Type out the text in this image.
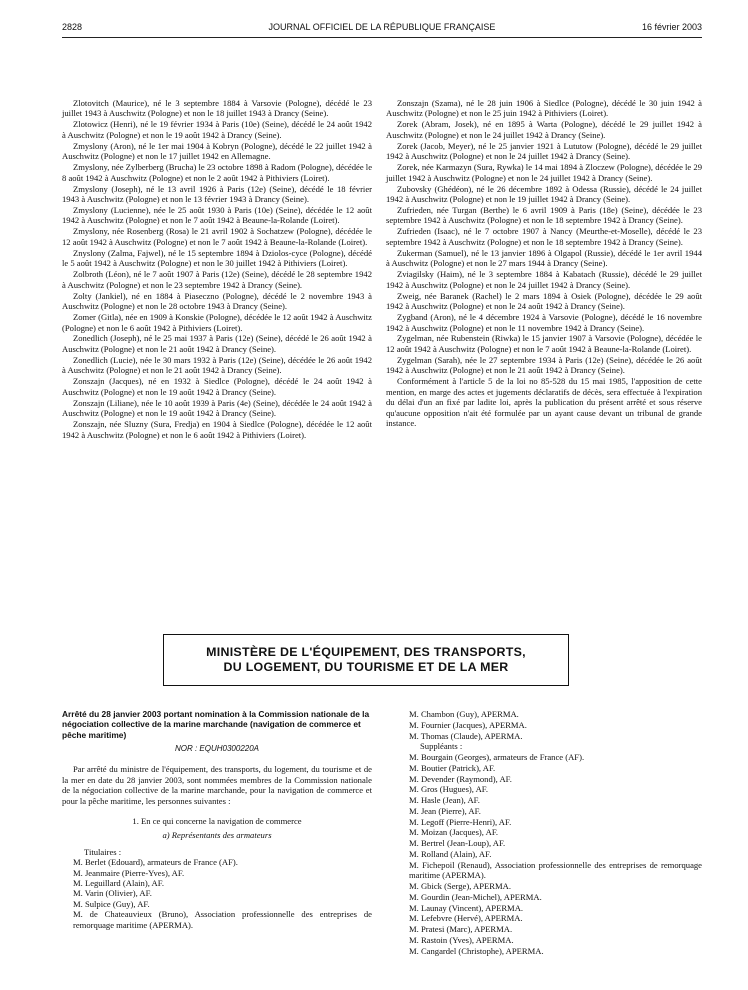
2828	JOURNAL OFFICIEL DE LA RÉPUBLIQUE FRANÇAISE	16 février 2003

Zlotovitch (Maurice), né le 3 septembre 1884 à Varsovie (Pologne), décédé le 23 juillet 1943 à Auschwitz (Pologne) et non le 18 juillet 1943 à Drancy (Seine).

Zlotowicz (Henri), né le 19 février 1934 à Paris (10e) (Seine), décédé le 24 août 1942 à Auschwitz (Pologne) et non le 19 août 1942 à Drancy (Seine).

Zmyslony (Aron), né le 1er mai 1904 à Kobryn (Pologne), décédé le 22 juillet 1942 à Auschwitz (Pologne) et non le 17 juillet 1942 en Allemagne.

Zmyslony, née Zylberberg (Brucha) le 23 octobre 1898 à Radom (Pologne), décédée le 8 août 1942 à Auschwitz (Pologne) et non le 2 août 1942 à Pithiviers (Loiret).

Zmyslony (Joseph), né le 13 avril 1926 à Paris (12e) (Seine), décédé le 18 février 1943 à Auschwitz (Pologne) et non le 13 février 1943 à Drancy (Seine).

Zmyslony (Lucienne), née le 25 août 1930 à Paris (10e) (Seine), décédée le 12 août 1942 à Auschwitz (Pologne) et non le 7 août 1942 à Beaune-la-Rolande (Loiret).

Zmyslony, née Rosenberg (Rosa) le 21 avril 1902 à Sochatzew (Pologne), décédée le 12 août 1942 à Auschwitz (Pologne) et non le 7 août 1942 à Beaune-la-Rolande (Loiret).

Znyslony (Zalma, Fajwel), né le 15 septembre 1894 à Dziolos-cyce (Pologne), décédé le 5 août 1942 à Auschwitz (Pologne) et non le 30 juillet 1942 à Pithiviers (Loiret).

Zolbroth (Léon), né le 7 août 1907 à Paris (12e) (Seine), décédé le 28 septembre 1942 à Auschwitz (Pologne) et non le 23 septembre 1942 à Drancy (Seine).

Zolty (Jankiel), né en 1884 à Piaseczno (Pologne), décédé le 2 novembre 1943 à Auschwitz (Pologne) et non le 28 octobre 1943 à Drancy (Seine).

Zomer (Gitla), née en 1909 à Konskie (Pologne), décédée le 12 août 1942 à Auschwitz (Pologne) et non le 6 août 1942 à Pithiviers (Loiret).

Zonedlich (Joseph), né le 25 mai 1937 à Paris (12e) (Seine), décédé le 26 août 1942 à Auschwitz (Pologne) et non le 21 août 1942 à Drancy (Seine).

Zonedlich (Lucie), née le 30 mars 1932 à Paris (12e) (Seine), décédée le 26 août 1942 à Auschwitz (Pologne) et non le 21 août 1942 à Drancy (Seine).

Zonszajn (Jacques), né en 1932 à Siedlce (Pologne), décédé le 24 août 1942 à Auschwitz (Pologne) et non le 19 août 1942 à Drancy (Seine).

Zonszajn (Liliane), née le 10 août 1939 à Paris (4e) (Seine), décédée le 24 août 1942 à Auschwitz (Pologne) et non le 19 août 1942 à Drancy (Seine).

Zonszajn, née Sluzny (Sura, Fredja) en 1904 à Siedlce (Pologne), décédée le 12 août 1942 à Auschwitz (Pologne) et non le 6 août 1942 à Pithiviers (Loiret).

Zonszajn (Szama), né le 28 juin 1906 à Siedlce (Pologne), décédé le 30 juin 1942 à Auschwitz (Pologne) et non le 25 juin 1942 à Pithiviers (Loiret).

Zorek (Abram, Josek), né en 1895 à Warta (Pologne), décédé le 29 juillet 1942 à Auschwitz (Pologne) et non le 24 juillet 1942 à Drancy (Seine).

Zorek (Jacob, Meyer), né le 25 janvier 1921 à Lututow (Pologne), décédé le 29 juillet 1942 à Auschwitz (Pologne) et non le 24 juillet 1942 à Drancy (Seine).

Zorek, née Karmazyn (Sura, Rywka) le 14 mai 1894 à Zloczew (Pologne), décédée le 29 juillet 1942 à Auschwitz (Pologne) et non le 24 juillet 1942 à Drancy (Seine).

Zubovsky (Ghédéon), né le 26 décembre 1892 à Odessa (Russie), décédé le 24 juillet 1942 à Auschwitz (Pologne) et non le 19 juillet 1942 à Drancy (Seine).

Zufrieden, née Turgan (Berthe) le 6 avril 1909 à Paris (18e) (Seine), décédée le 23 septembre 1942 à Auschwitz (Pologne) et non le 18 septembre 1942 à Drancy (Seine).

Zufrieden (Isaac), né le 7 octobre 1907 à Nancy (Meurthe-et-Moselle), décédé le 23 septembre 1942 à Auschwitz (Pologne) et non le 18 septembre 1942 à Drancy (Seine).

Zukerman (Samuel), né le 13 janvier 1896 à Olgapol (Russie), décédé le 1er avril 1944 à Auschwitz (Pologne) et non le 27 mars 1944 à Drancy (Seine).

Zviagilsky (Haim), né le 3 septembre 1884 à Kabatach (Russie), décédé le 29 juillet 1942 à Auschwitz (Pologne) et non le 24 juillet 1942 à Drancy (Seine).

Zweig, née Baranek (Rachel) le 2 mars 1894 à Osiek (Pologne), décédée le 29 août 1942 à Auschwitz (Pologne) et non le 24 août 1942 à Drancy (Seine).

Zygband (Aron), né le 4 décembre 1924 à Varsovie (Pologne), décédé le 16 novembre 1942 à Auschwitz (Pologne) et non le 11 novembre 1942 à Drancy (Seine).

Zygelman, née Rubenstein (Riwka) le 15 janvier 1907 à Varsovie (Pologne), décédée le 12 août 1942 à Auschwitz (Pologne) et non le 7 août 1942 à Beaune-la-Rolande (Loiret).

Zygelman (Sarah), née le 27 septembre 1934 à Paris (12e) (Seine), décédée le 26 août 1942 à Auschwitz (Pologne) et non le 21 août 1942 à Drancy (Seine).

Conformément à l'article 5 de la loi no 85-528 du 15 mai 1985, l'apposition de cette mention, en marge des actes et jugements déclaratifs de décès, sera effectuée à l'expiration du délai d'un an fixé par ladite loi, après la publication du présent arrêté et sous réserve qu'aucune opposition n'ait été formulée par un ayant cause devant un tribunal de grande instance.

MINISTÈRE DE L'ÉQUIPEMENT, DES TRANSPORTS,
DU LOGEMENT, DU TOURISME ET DE LA MER

Arrêté du 28 janvier 2003 portant nomination à la Commission nationale de la négociation collective de la marine marchande (navigation de commerce et pêche maritime)

NOR : EQUH0300220A

Par arrêté du ministre de l'équipement, des transports, du logement, du tourisme et de la mer en date du 28 janvier 2003, sont nommées membres de la Commission nationale de la négociation collective de la marine marchande, pour la navigation de commerce et pour la pêche maritime, les personnes suivantes :

1. En ce qui concerne la navigation de commerce

a) Représentants des armateurs

Titulaires :

M. Berlet (Edouard), armateurs de France (AF).
M. Jeanmaire (Pierre-Yves), AF.
M. Leguillard (Alain), AF.
M. Varin (Olivier), AF.
M. Sulpice (Guy), AF.
M. de Chateauvieux (Bruno), Association professionnelle des entreprises de remorquage maritime (APERMA).
M. Chambon (Guy), APERMA.
M. Fournier (Jacques), APERMA.
M. Thomas (Claude), APERMA.

Suppléants :

M. Bourgain (Georges), armateurs de France (AF).
M. Boutier (Patrick), AF.
M. Devender (Raymond), AF.
M. Gros (Hugues), AF.
M. Hasle (Jean), AF.
M. Jean (Pierre), AF.
M. Legoff (Pierre-Henri), AF.
M. Moizan (Jacques), AF.
M. Bertrel (Jean-Loup), AF.
M. Rolland (Alain), AF.
M. Fichepoil (Renaud), Association professionnelle des entreprises de remorquage maritime (APERMA).
M. Gbick (Serge), APERMA.
M. Gourdin (Jean-Michel), APERMA.
M. Launay (Vincent), APERMA.
M. Lefebvre (Hervé), APERMA.
M. Pratesi (Marc), APERMA.
M. Rastoin (Yves), APERMA.
M. Cangardel (Christophe), APERMA.
